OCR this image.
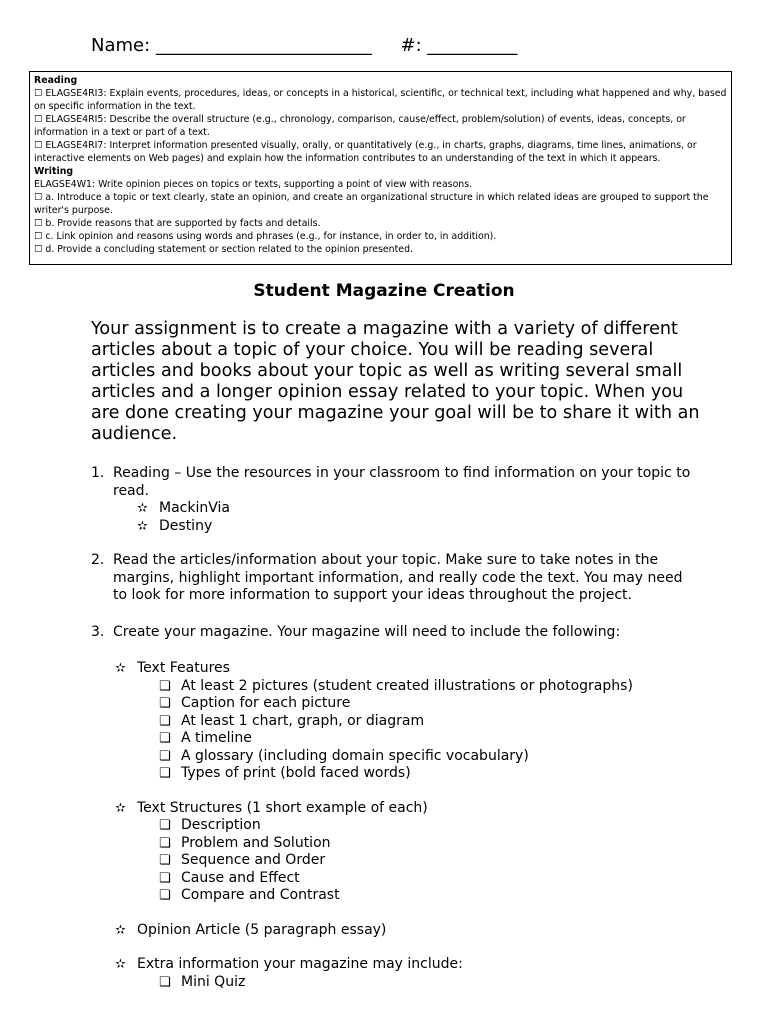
Name: ________________________ #: __________

Reading

☐ ELAGSE4RI3: Explain events, procedures, ideas, or concepts in a historical, scientific, or technical text, including what happened and why, based on specific information in the text.

☐ ELAGSE4RI5: Describe the overall structure (e.g., chronology, comparison, cause/effect, problem/solution) of events, ideas, concepts, or information in a text or part of a text.

☐ ELAGSE4RI7: Interpret information presented visually, orally, or quantitatively (e.g., in charts, graphs, diagrams, time lines, animations, or interactive elements on Web pages) and explain how the information contributes to an understanding of the text in which it appears.

Writing

ELAGSE4W1: Write opinion pieces on topics or texts, supporting a point of view with reasons.

☐ a. Introduce a topic or text clearly, state an opinion, and create an organizational structure in which related ideas are grouped to support the writer's purpose.

☐ b. Provide reasons that are supported by facts and details.

☐ c. Link opinion and reasons using words and phrases (e.g., for instance, in order to, in addition).

☐ d. Provide a concluding statement or section related to the opinion presented.

Student Magazine Creation
Your assignment is to create a magazine with a variety of different articles about a topic of your choice. You will be reading several articles and books about your topic as well as writing several small articles and a longer opinion essay related to your topic. When you are done creating your magazine your goal will be to share it with an audience.
1. Reading – Use the resources in your classroom to find information on your topic to read.
✫ MackinVia
✫ Destiny
2. Read the articles/information about your topic. Make sure to take notes in the margins, highlight important information, and really code the text. You may need to look for more information to support your ideas throughout the project.
3. Create your magazine. Your magazine will need to include the following:
✫ Text Features
❏ At least 2 pictures (student created illustrations or photographs)
❏ Caption for each picture
❏ At least 1 chart, graph, or diagram
❏ A timeline
❏ A glossary (including domain specific vocabulary)
❏ Types of print (bold faced words)
✫ Text Structures (1 short example of each)
❏ Description
❏ Problem and Solution
❏ Sequence and Order
❏ Cause and Effect
❏ Compare and Contrast
✫ Opinion Article (5 paragraph essay)
✫ Extra information your magazine may include:
❏ Mini Quiz
